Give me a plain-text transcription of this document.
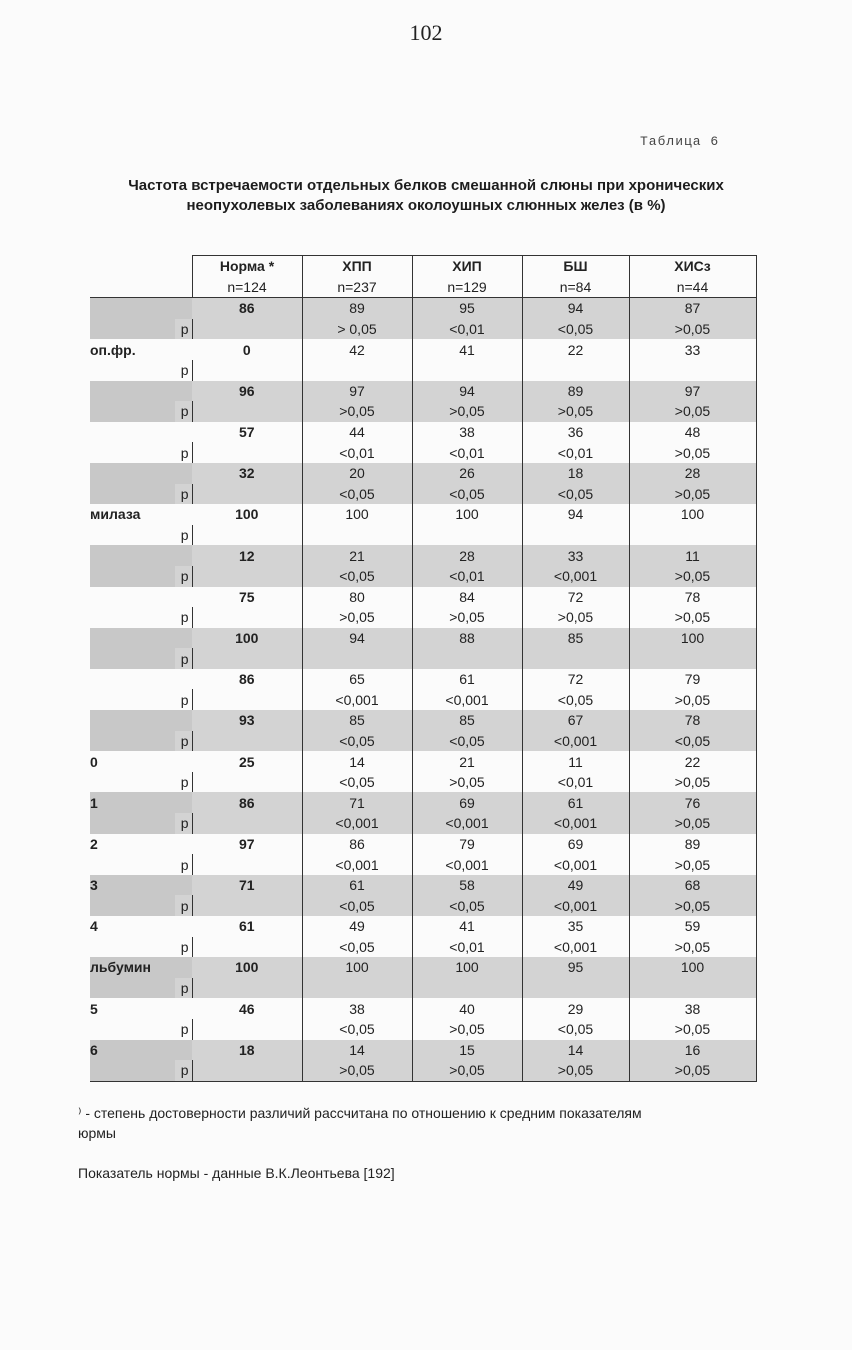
102
Таблица 6
Частота встречаемости отдельных белков смешанной слюны при хронических
неопухолевых заболеваниях околоушных слюнных желез (в %)
		Норма *	ХПП	ХИП	БШ	ХИСз
		n=124	n=237	n=129	n=84	n=44
		86	89	95	94	87
	p		> 0,05	<0,01	<0,05	>0,05
оп.фр.		0	42	41	22	33
	p					
		96	97	94	89	97
	p		>0,05	>0,05	>0,05	>0,05
		57	44	38	36	48
	p		<0,01	<0,01	<0,01	>0,05
		32	20	26	18	28
	p		<0,05	<0,05	<0,05	>0,05
милаза		100	100	100	94	100
	p					
		12	21	28	33	11
	p		<0,05	<0,01	<0,001	>0,05
		75	80	84	72	78
	p		>0,05	>0,05	>0,05	>0,05
		100	94	88	85	100
	p					
		86	65	61	72	79
	p		<0,001	<0,001	<0,05	>0,05
		93	85	85	67	78
	p		<0,05	<0,05	<0,001	<0,05
0		25	14	21	11	22
	p		<0,05	>0,05	<0,01	>0,05
1		86	71	69	61	76
	p		<0,001	<0,001	<0,001	>0,05
2		97	86	79	69	89
	p		<0,001	<0,001	<0,001	>0,05
3		71	61	58	49	68
	p		<0,05	<0,05	<0,001	>0,05
4		61	49	41	35	59
	p		<0,05	<0,01	<0,001	>0,05
льбумин		100	100	100	95	100
	p					
5		46	38	40	29	38
	p		<0,05	>0,05	<0,05	>0,05
6		18	14	15	14	16
	p		>0,05	>0,05	>0,05	>0,05
⁾ - степень достоверности различий рассчитана по отношению к средним показателям
юрмы
Показатель нормы - данные В.К.Леонтьева [192]
